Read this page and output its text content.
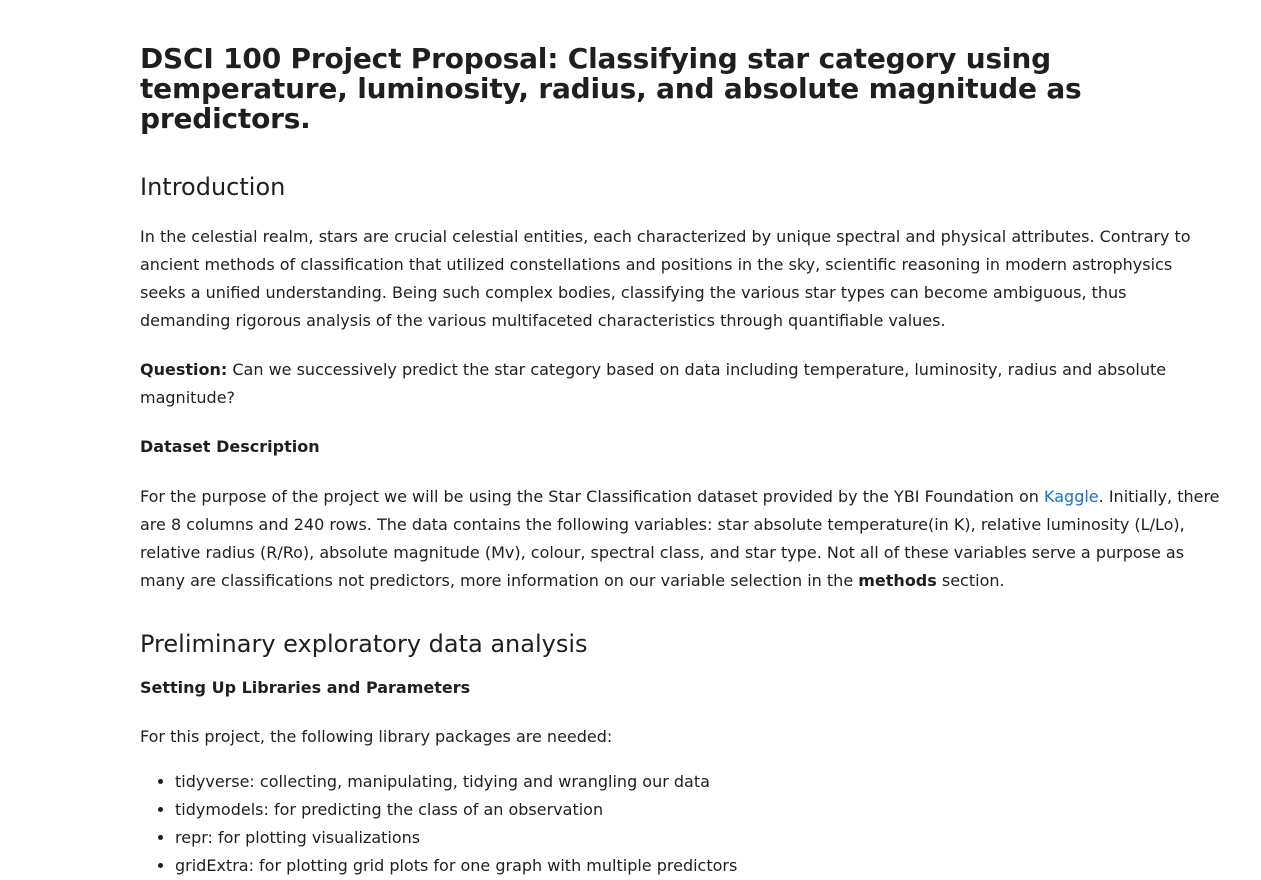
DSCI 100 Project Proposal: Classifying star category using temperature, luminosity, radius, and absolute magnitude as predictors.
Introduction

In the celestial realm, stars are crucial celestial entities, each characterized by unique spectral and physical attributes. Contrary to ancient methods of classification that utilized constellations and positions in the sky, scientific reasoning in modern astrophysics seeks a unified understanding. Being such complex bodies, classifying the various star types can become ambiguous, thus demanding rigorous analysis of the various multifaceted characteristics through quantifiable values.

Question: Can we successively predict the star category based on data including temperature, luminosity, radius and absolute magnitude?

Dataset Description

For the purpose of the project we will be using the Star Classification dataset provided by the YBI Foundation on Kaggle. Initially, there are 8 columns and 240 rows. The data contains the following variables: star absolute temperature(in K), relative luminosity (L/Lo), relative radius (R/Ro), absolute magnitude (Mv), colour, spectral class, and star type. Not all of these variables serve a purpose as many are classifications not predictors, more information on our variable selection in the methods section.

Preliminary exploratory data analysis
Setting Up Libraries and Parameters

For this project, the following library packages are needed:

• tidyverse: collecting, manipulating, tidying and wrangling our data
• tidymodels: for predicting the class of an observation
• repr: for plotting visualizations
• gridExtra: for plotting grid plots for one graph with multiple predictors
